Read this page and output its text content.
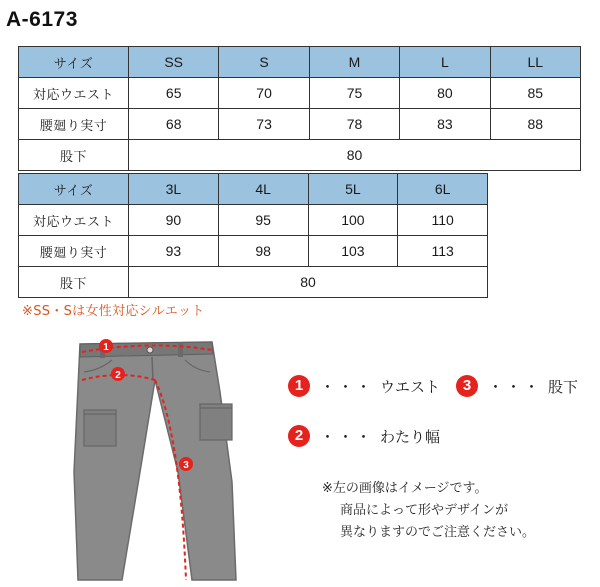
A-6173
サイズ	SS	S	M	L	LL
対応ウエスト	65	70	75	80	85
腰廻り実寸	68	73	78	83	88
股下	80				
サイズ	3L	4L	5L	6L
対応ウエスト	90	95	100	110
腰廻り実寸	93	98	103	113
股下	80			
※SS・Sは女性対応シルエット
1
2
3
1	・・・ ウエスト	3	・・・ 股下
2	・・・ わたり幅
※左の画像はイメージです。
商品によって形やデザインが
異なりますのでご注意ください。
